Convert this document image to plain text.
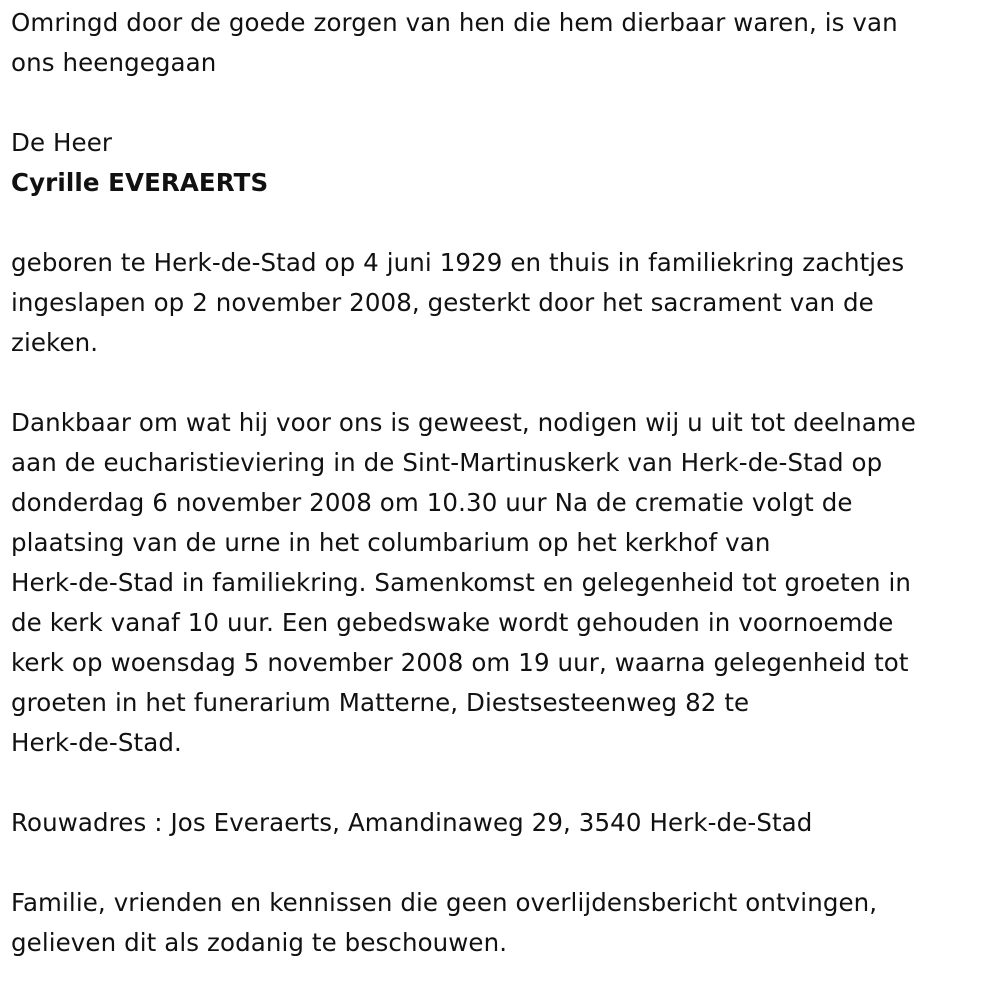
Omringd door de goede zorgen van hen die hem dierbaar waren, is van
ons heengegaan
De Heer
Cyrille EVERAERTS
geboren te Herk-de-Stad op 4 juni 1929 en thuis in familiekring zachtjes
ingeslapen op 2 november 2008, gesterkt door het sacrament van de
zieken.
Dankbaar om wat hij voor ons is geweest, nodigen wij u uit tot deelname
aan de eucharistieviering in de Sint-Martinuskerk van Herk-de-Stad op
donderdag 6 november 2008 om 10.30 uur Na de crematie volgt de
plaatsing van de urne in het columbarium op het kerkhof van
Herk-de-Stad in familiekring. Samenkomst en gelegenheid tot groeten in
de kerk vanaf 10 uur. Een gebedswake wordt gehouden in voornoemde
kerk op woensdag 5 november 2008 om 19 uur, waarna gelegenheid tot
groeten in het funerarium Matterne, Diestsesteenweg 82 te
Herk-de-Stad.
Rouwadres : Jos Everaerts, Amandinaweg 29, 3540 Herk-de-Stad
Familie, vrienden en kennissen die geen overlijdensbericht ontvingen,
gelieven dit als zodanig te beschouwen.
